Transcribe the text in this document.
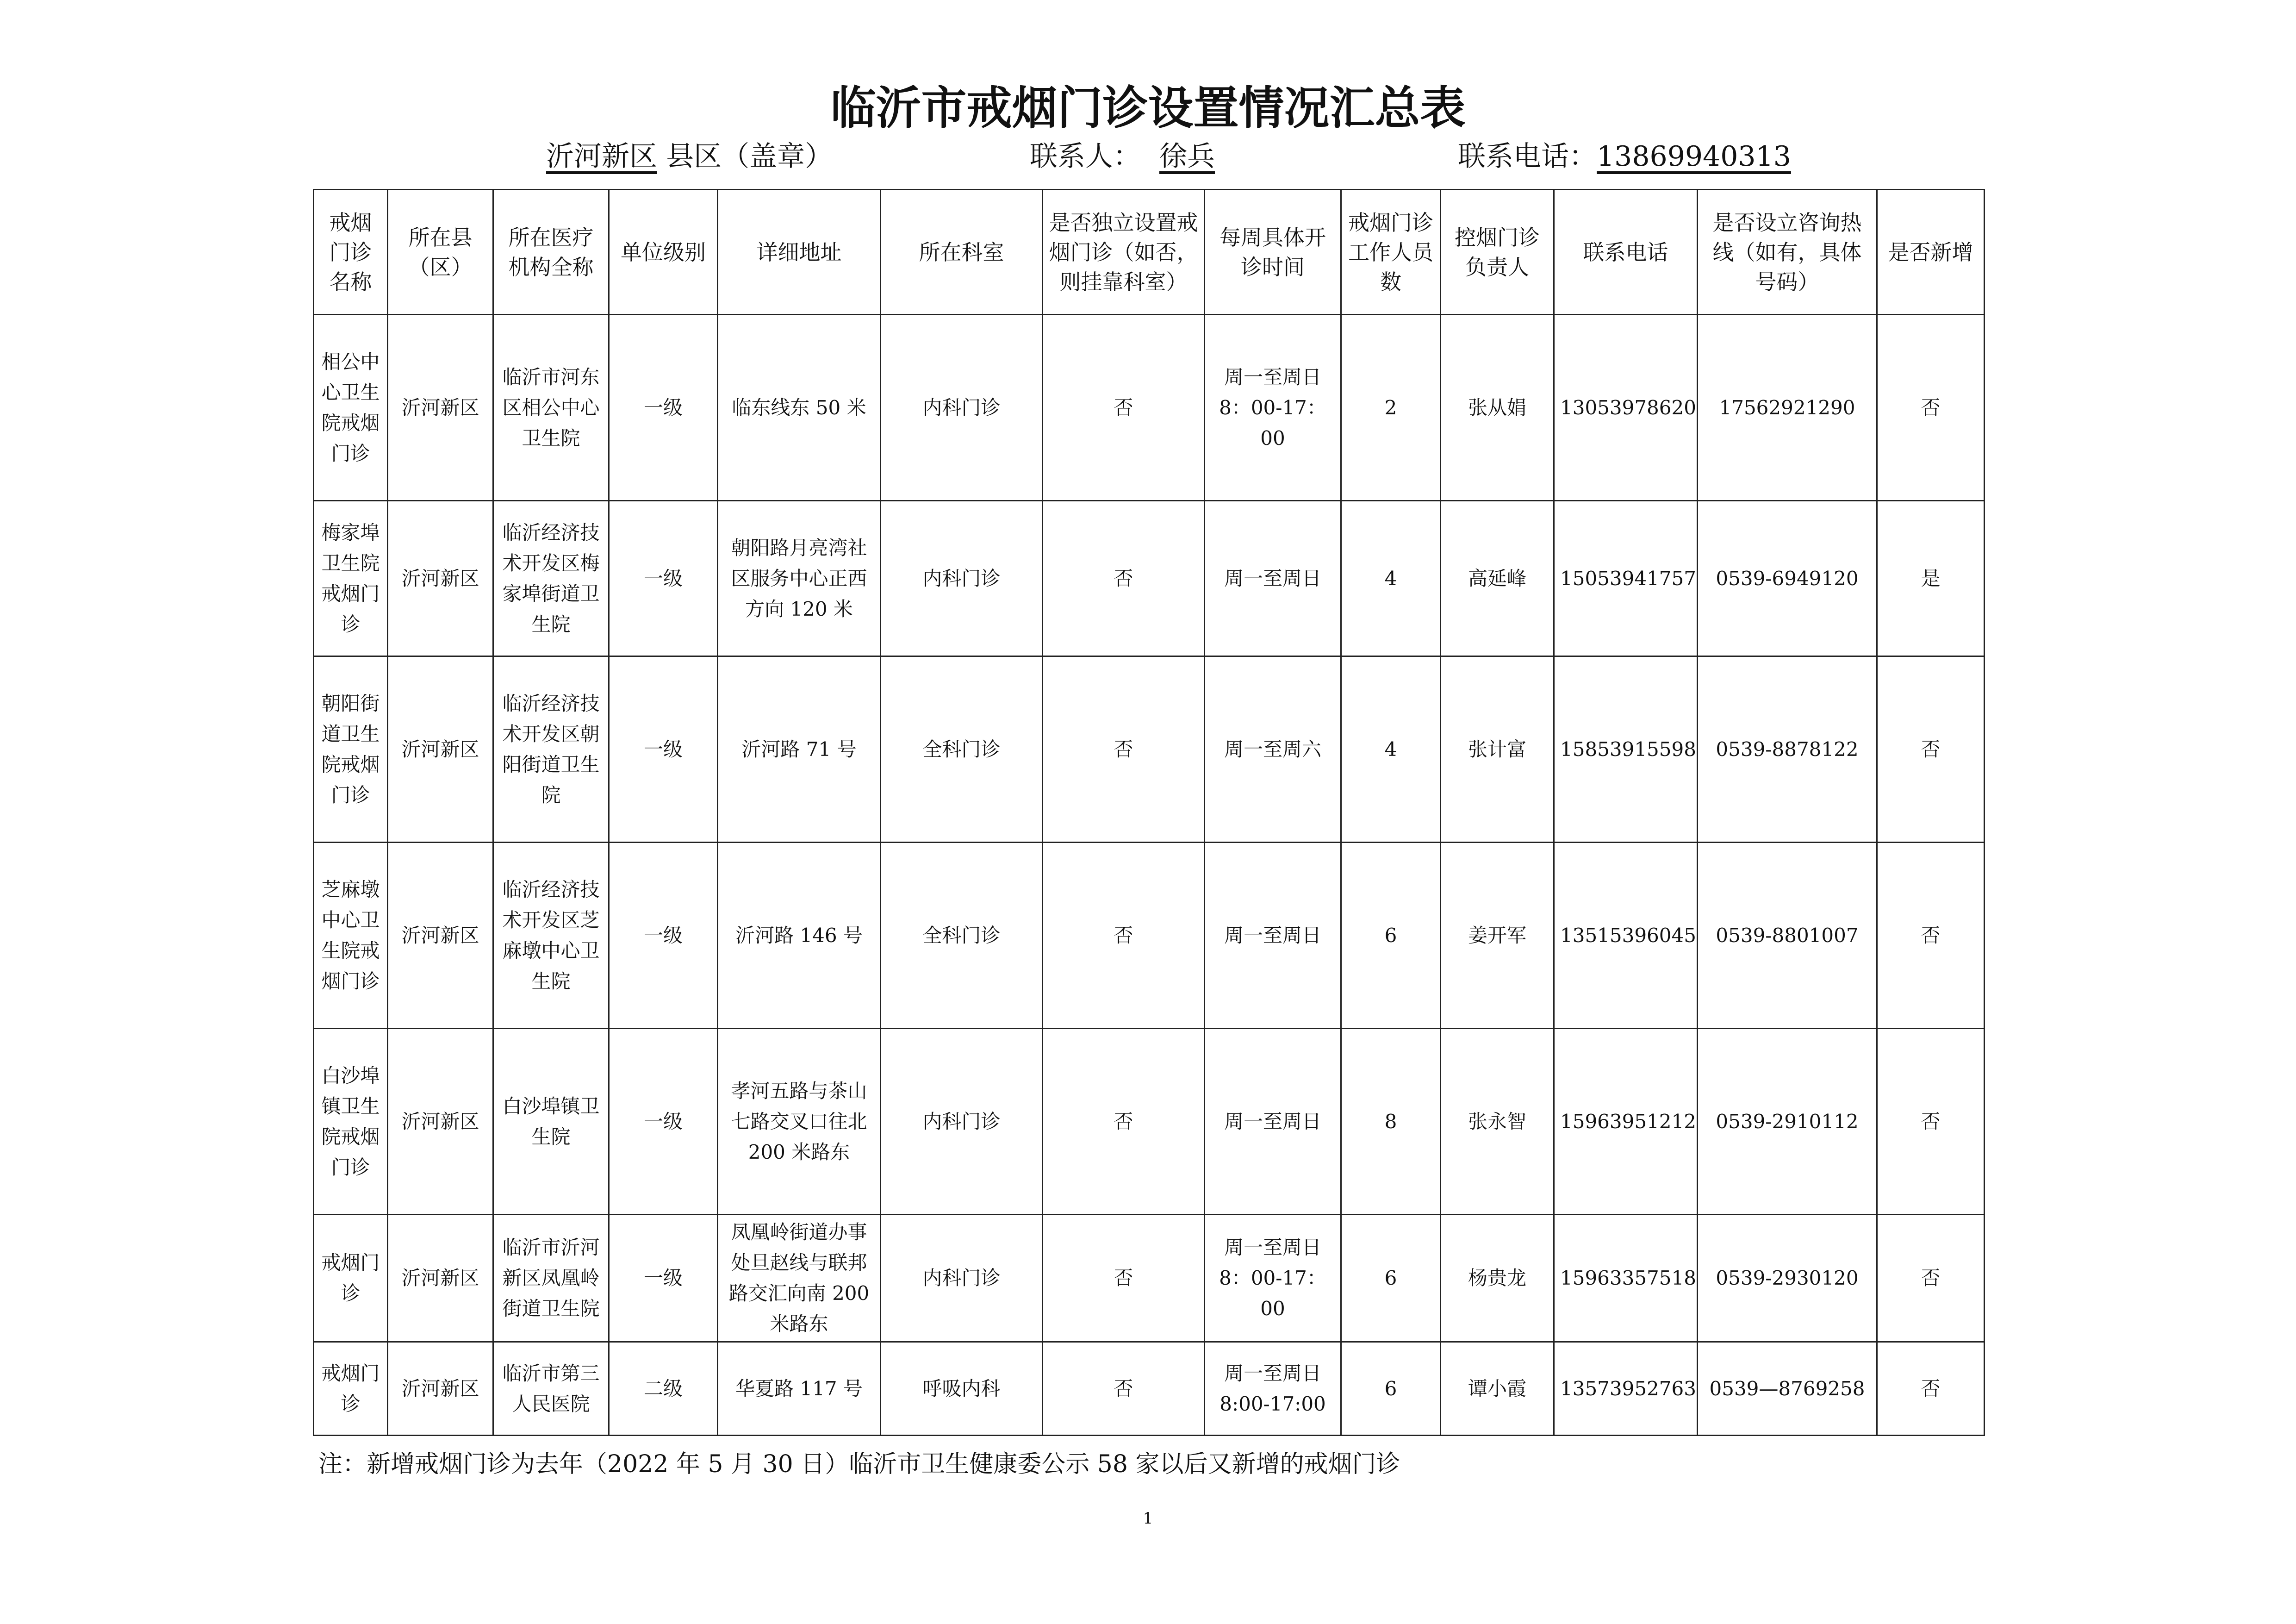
临沂市戒烟门诊设置情况汇总表
沂河新区 县区（盖章）	联系人： 徐兵	联系电话：13869940313
戒烟门诊名称	所在县（区）	所在医疗机构全称	单位级别	详细地址	所在科室	是否独立设置戒烟门诊（如否，则挂靠科室）	每周具体开诊时间	戒烟门诊工作人员数	控烟门诊负责人	联系电话	是否设立咨询热线（如有，具体号码）	是否新增
相公中心卫生院戒烟门诊	沂河新区	临沂市河东区相公中心卫生院	一级	临东线东 50 米	内科门诊	否	周一至周日 8：00-17：00	2	张从娟	13053978620	17562921290	否
梅家埠卫生院戒烟门诊	沂河新区	临沂经济技术开发区梅家埠街道卫生院	一级	朝阳路月亮湾社区服务中心正西方向 120 米	内科门诊	否	周一至周日	4	高延峰	15053941757	0539-6949120	是
朝阳街道卫生院戒烟门诊	沂河新区	临沂经济技术开发区朝阳街道卫生院	一级	沂河路 71 号	全科门诊	否	周一至周六	4	张计富	15853915598	0539-8878122	否
芝麻墩中心卫生院戒烟门诊	沂河新区	临沂经济技术开发区芝麻墩中心卫生院	一级	沂河路 146 号	全科门诊	否	周一至周日	6	姜开军	13515396045	0539-8801007	否
白沙埠镇卫生院戒烟门诊	沂河新区	白沙埠镇卫生院	一级	孝河五路与茶山七路交叉口往北 200 米路东	内科门诊	否	周一至周日	8	张永智	15963951212	0539-2910112	否
戒烟门诊	沂河新区	临沂市沂河新区凤凰岭街道卫生院	一级	凤凰岭街道办事处旦赵线与联邦路交汇向南 200 米路东	内科门诊	否	周一至周日 8：00-17：00	6	杨贵龙	15963357518	0539-2930120	否
戒烟门诊	沂河新区	临沂市第三人民医院	二级	华夏路 117 号	呼吸内科	否	周一至周日 8:00-17:00	6	谭小霞	13573952763	0539—8769258	否
注：新增戒烟门诊为去年（2022 年 5 月 30 日）临沂市卫生健康委公示 58 家以后又新增的戒烟门诊
1
